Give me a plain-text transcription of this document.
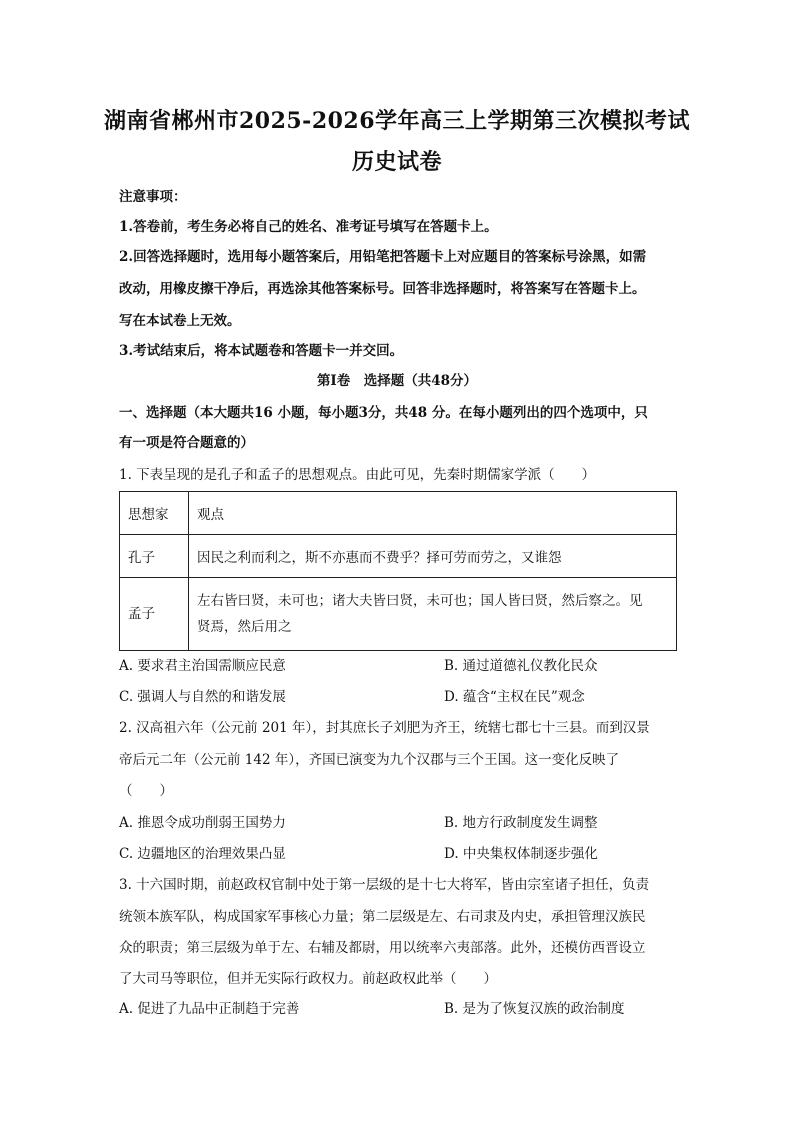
湖南省郴州市2025-2026学年高三上学期第三次模拟考试
历史试卷
注意事项：
1.答卷前，考生务必将自己的姓名、准考证号填写在答题卡上。
2.回答选择题时，选用每小题答案后，用铅笔把答题卡上对应题目的答案标号涂黑，如需
改动，用橡皮擦干净后，再选涂其他答案标号。回答非选择题时，将答案写在答题卡上。
写在本试卷上无效。
3.考试结束后，将本试题卷和答题卡一并交回。
第Ⅰ卷　选择题（共48分）
一、选择题（本大题共16 小题，每小题3分，共48 分。在每小题列出的四个选项中，只
有一项是符合题意的）
1. 下表呈现的是孔子和孟子的思想观点。由此可见，先秦时期儒家学派（　　）
思想家	观点
孔子	因民之利而利之，斯不亦惠而不费乎？择可劳而劳之，又谁怨
孟子	左右皆曰贤，未可也；诸大夫皆曰贤，未可也；国人皆曰贤，然后察之。见
贤焉，然后用之
A. 要求君主治国需顺应民意	B. 通过道德礼仪教化民众
C. 强调人与自然的和谐发展	D. 蕴含“主权在民”观念
2. 汉高祖六年（公元前 201 年），封其庶长子刘肥为齐王，统辖七郡七十三县。而到汉景
帝后元二年（公元前 142 年），齐国已演变为九个汉郡与三个王国。这一变化反映了
（　　）
A. 推恩令成功削弱王国势力	B. 地方行政制度发生调整
C. 边疆地区的治理效果凸显	D. 中央集权体制逐步强化
3. 十六国时期，前赵政权官制中处于第一层级的是十七大将军，皆由宗室诸子担任，负责
统领本族军队，构成国家军事核心力量；第二层级是左、右司隶及内史，承担管理汉族民
众的职责；第三层级为单于左、右辅及都尉，用以统率六夷部落。此外，还模仿西晋设立
了大司马等职位，但并无实际行政权力。前赵政权此举（　　）
A. 促进了九品中正制趋于完善	B. 是为了恢复汉族的政治制度
